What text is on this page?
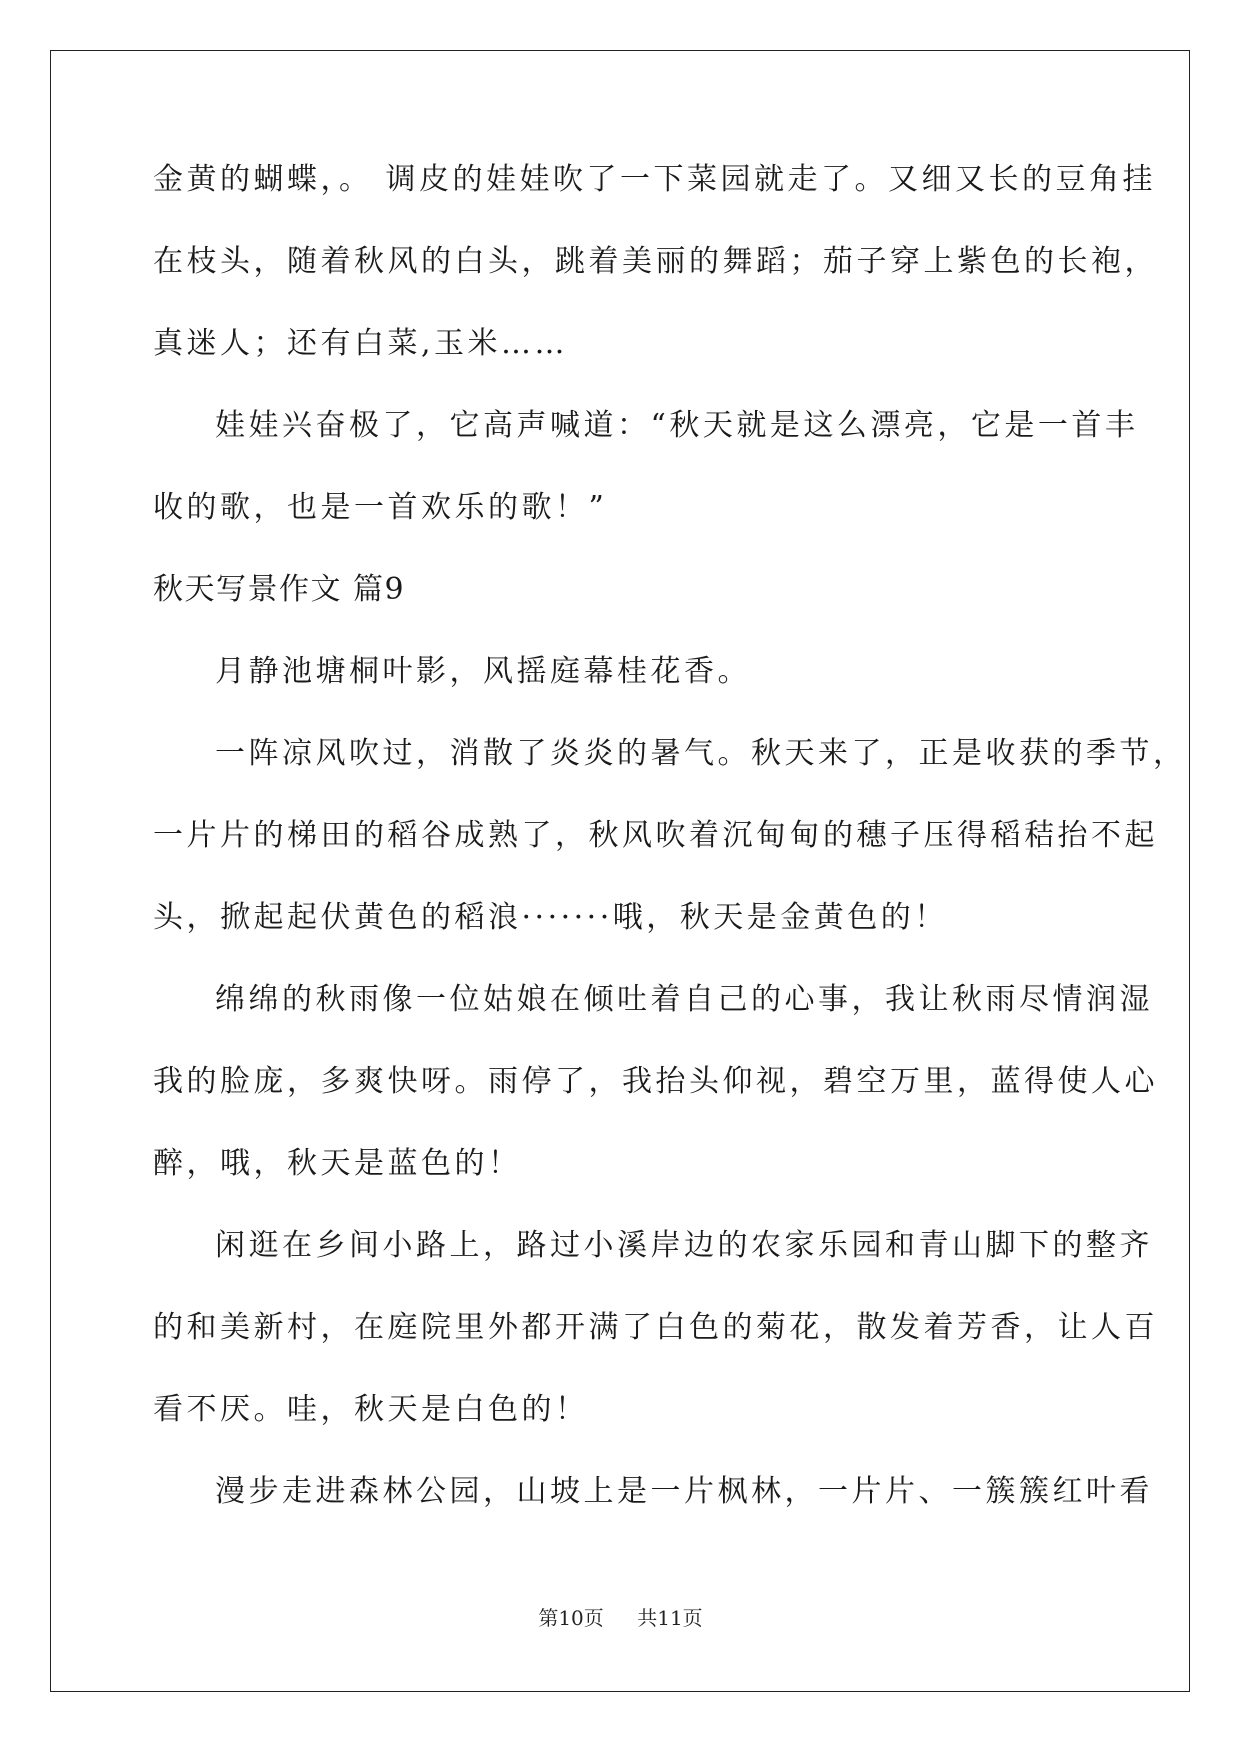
金黄的蝴蝶，。 调皮的娃娃吹了一下菜园就走了。又细又长的豆角挂
在枝头，随着秋风的白头，跳着美丽的舞蹈；茄子穿上紫色的长袍，
真迷人；还有白菜,玉米……
娃娃兴奋极了，它高声喊道：“秋天就是这么漂亮，它是一首丰
收的歌，也是一首欢乐的歌！”
秋天写景作文 篇9
月静池塘桐叶影，风摇庭幕桂花香。
一阵凉风吹过，消散了炎炎的暑气。秋天来了，正是收获的季节，
一片片的梯田的稻谷成熟了，秋风吹着沉甸甸的穗子压得稻秸抬不起
头，掀起起伏黄色的稻浪·······哦，秋天是金黄色的！
绵绵的秋雨像一位姑娘在倾吐着自己的心事，我让秋雨尽情润湿
我的脸庞，多爽快呀。雨停了，我抬头仰视，碧空万里，蓝得使人心
醉，哦，秋天是蓝色的！
闲逛在乡间小路上，路过小溪岸边的农家乐园和青山脚下的整齐
的和美新村，在庭院里外都开满了白色的菊花，散发着芳香，让人百
看不厌。哇，秋天是白色的！
漫步走进森林公园，山坡上是一片枫林，一片片、一簇簇红叶看
第10页 共11页
